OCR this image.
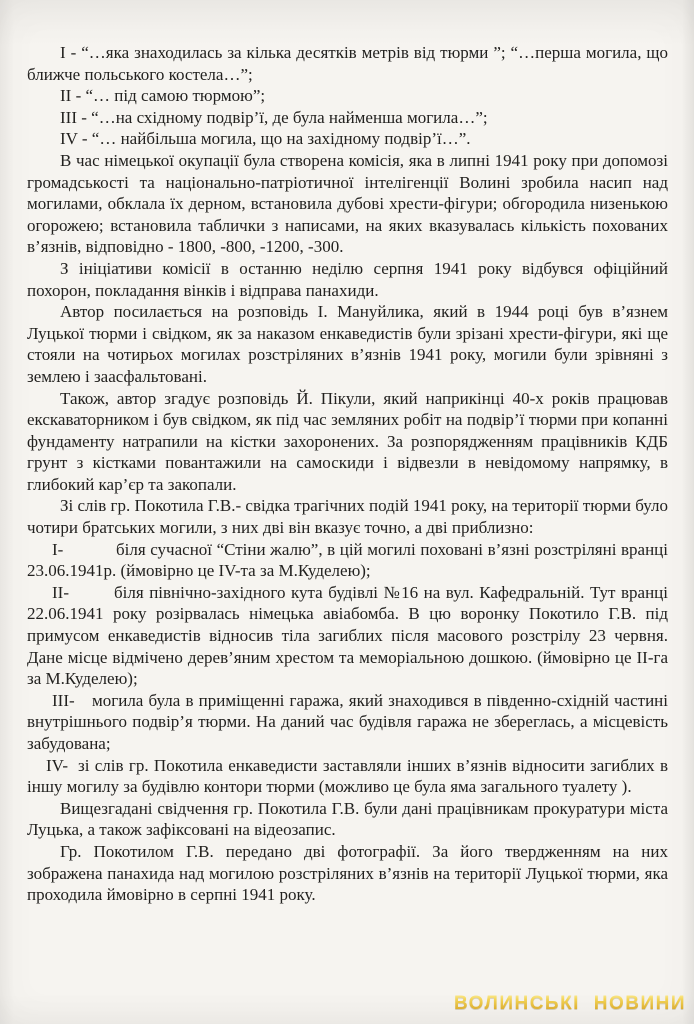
І - “…яка знаходилась за кілька десятків метрів від тюрми ”; “…перша могила, що ближче польського костела…”;

ІІ - “… під самою тюрмою”;

ІІІ - “…на східному подвір’ї, де була найменша могила…”;

ІV - “… найбільша могила, що на західному подвір’ї…”.

В час німецької окупації була створена комісія, яка в липні 1941 року при допомозі громадськості та національно-патріотичної інтелігенції Волині зробила насип над могилами, обклала їх дерном, встановила дубові хрести-фігури; обгородила низенькою огорожею; встановила таблички з написами, на яких вказувалась кількість похованих в’язнів, відповідно - 1800, -800, -1200, -300.

З ініціативи комісії в останню неділю серпня 1941 року відбувся офіційний похорон, покладання вінків і відправа панахиди.

Автор посилається на розповідь І. Мануйлика, який в 1944 році був в’язнем Луцької тюрми і свідком, як за наказом енкаведистів були зрізані хрести-фігури, які ще стояли на чотирьох могилах розстріляних в’язнів 1941 року, могили були зрівняні з землею і заасфальтовані.

Також, автор згадує розповідь Й. Пікули, який наприкінці 40-х років працював екскаваторником і був свідком, як під час земляних робіт на подвір’ї тюрми при копанні фундаменту натрапили на кістки захоронених. За розпорядженням працівників КДБ грунт з кістками повантажили на самоскиди і відвезли в невідомому напрямку, в глибокий кар’єр та закопали.

Зі слів гр. Покотила Г.В.- свідка трагічних подій 1941 року, на території тюрми було чотири братських могили, з них дві він вказує точно, а дві приблизно:

І-	біля сучасної “Стіни жалю”, в цій могилі поховані в’язні розстріляні вранці 23.06.1941р. (ймовірно це ІV-та за М.Куделею);

ІІ-	біля північно-західного кута будівлі №16 на вул. Кафедральній. Тут вранці 22.06.1941 року розірвалась німецька авіабомба. В цю воронку Покотило Г.В. під примусом енкаведистів відносив тіла загиблих після масового розстрілу 23 червня. Дане місце відмічено дерев’яним хрестом та меморіальною дошкою. (ймовірно це ІІ-га за М.Куделею);

ІІІ- могила була в приміщенні гаража, який знаходився в південно-східній частині внутрішнього подвір’я тюрми. На даний час будівля гаража не збереглась, а місцевість забудована;

ІV- зі слів гр. Покотила енкаведисти заставляли інших в’язнів відносити загиблих в іншу могилу за будівлю контори тюрми (можливо це була яма загального туалету ).

Вищезгадані свідчення гр. Покотила Г.В. були дані працівникам прокуратури міста Луцька, а також зафіксовані на відеозапис.

Гр. Покотилом Г.В. передано дві фотографії. За його твердженням на них зображена панахида над могилою розстріляних в’язнів на території Луцької тюрми, яка проходила ймовірно в серпні 1941 року.

ВОЛИНСЬКІ НОВИНИ
